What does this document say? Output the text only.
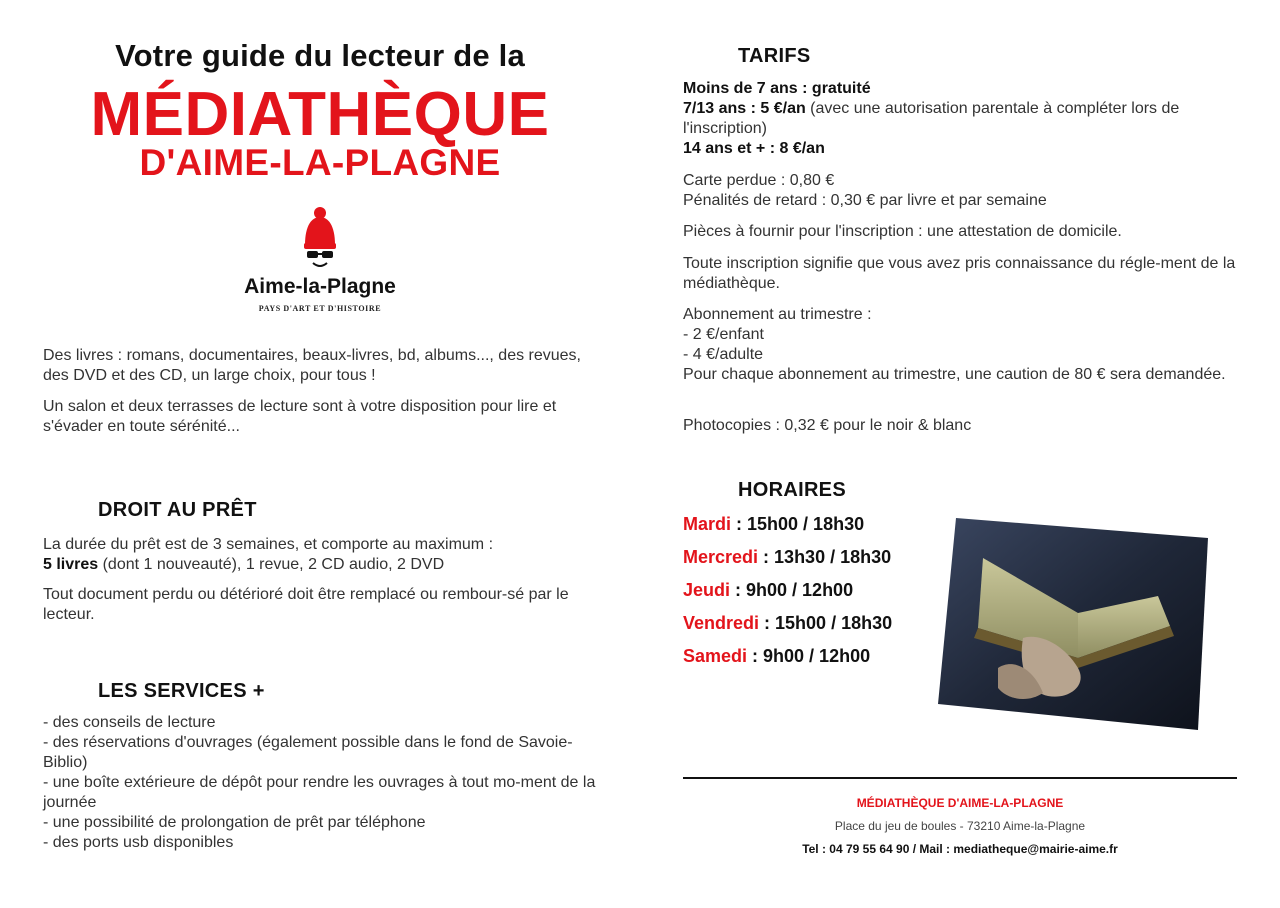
Votre guide du lecteur de la
MÉDIATHÈQUE
D'AIME-LA-PLAGNE
Aime-la-Plagne
PAYS D'ART ET D'HISTOIRE
Des livres : romans, documentaires, beaux-livres, bd, albums..., des revues, des DVD et des CD, un large choix, pour tous !
Un salon et deux terrasses de lecture sont à votre disposition pour lire et s'évader en toute sérénité...
DROIT AU PRÊT
La durée du prêt est de 3 semaines, et comporte au maximum :
5 livres (dont 1 nouveauté), 1 revue, 2 CD audio, 2 DVD
Tout document perdu ou détérioré doit être remplacé ou rembour-sé par le lecteur.
LES SERVICES +
- des conseils de lecture
- des réservations d'ouvrages (également possible dans le fond de Savoie-Biblio)
- une boîte extérieure de dépôt pour rendre les ouvrages à tout mo-ment de la journée
- une possibilité de prolongation de prêt par téléphone
- des ports usb disponibles
TARIFS
Moins de 7 ans : gratuité
7/13 ans : 5 €/an (avec une autorisation parentale à compléter lors de l'inscription)
14 ans et + : 8 €/an
Carte perdue : 0,80 €
Pénalités de retard : 0,30 € par livre et par semaine
Pièces à fournir pour l'inscription : une attestation de domicile.
Toute inscription signifie que vous avez pris connaissance du régle-ment de la médiathèque.
Abonnement au trimestre :
- 2 €/enfant
- 4 €/adulte
Pour chaque abonnement au trimestre, une caution de 80 € sera demandée.
Photocopies : 0,32 € pour le noir & blanc
HORAIRES
Mardi : 15h00 / 18h30
Mercredi : 13h30 / 18h30
Jeudi : 9h00 / 12h00
Vendredi : 15h00 / 18h30
Samedi : 9h00 / 12h00
MÉDIATHÈQUE D'AIME-LA-PLAGNE
Place du jeu de boules - 73210 Aime-la-Plagne
Tel : 04 79 55 64 90 / Mail : mediatheque@mairie-aime.fr
